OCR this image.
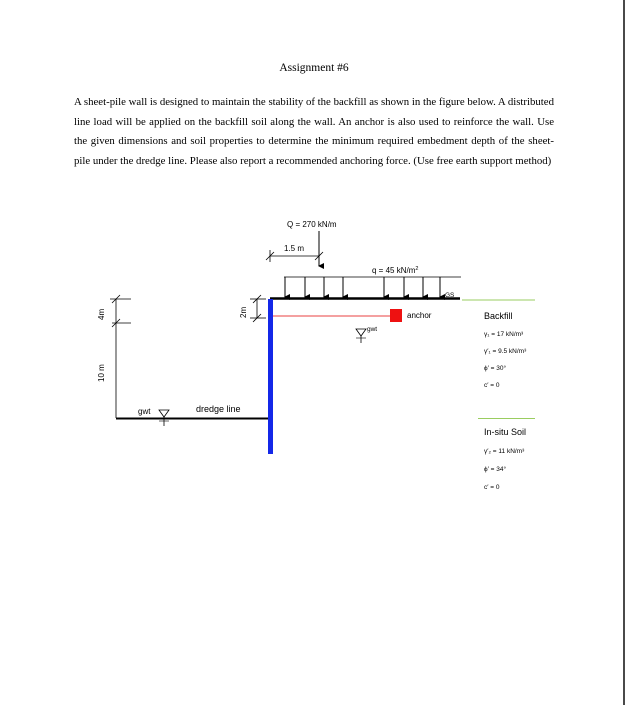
Assignment #6
A sheet-pile wall is designed to maintain the stability of the backfill as shown in the figure below. A distributed line load will be applied on the backfill soil along the wall. An anchor is also used to reinforce the wall. Use the given dimensions and soil properties to determine the minimum required embedment depth of the sheet-pile under the dredge line. Please also report a recommended anchoring force. (Use free earth support method)
Q = 270 kN/m
1.5 m
q = 45 $kN/m^2$
GS
anchor
gwt
gwt	dredge line
4m
10 m
2m	Backfill
γ₁ = 17 kN/m³
γ′₁ = 9.5 kN/m³
ϕ′ = 30°
c′ = 0
In-situ Soil
γ′₂ = 11 kN/m³
ϕ′ = 34°
c′ = 0
